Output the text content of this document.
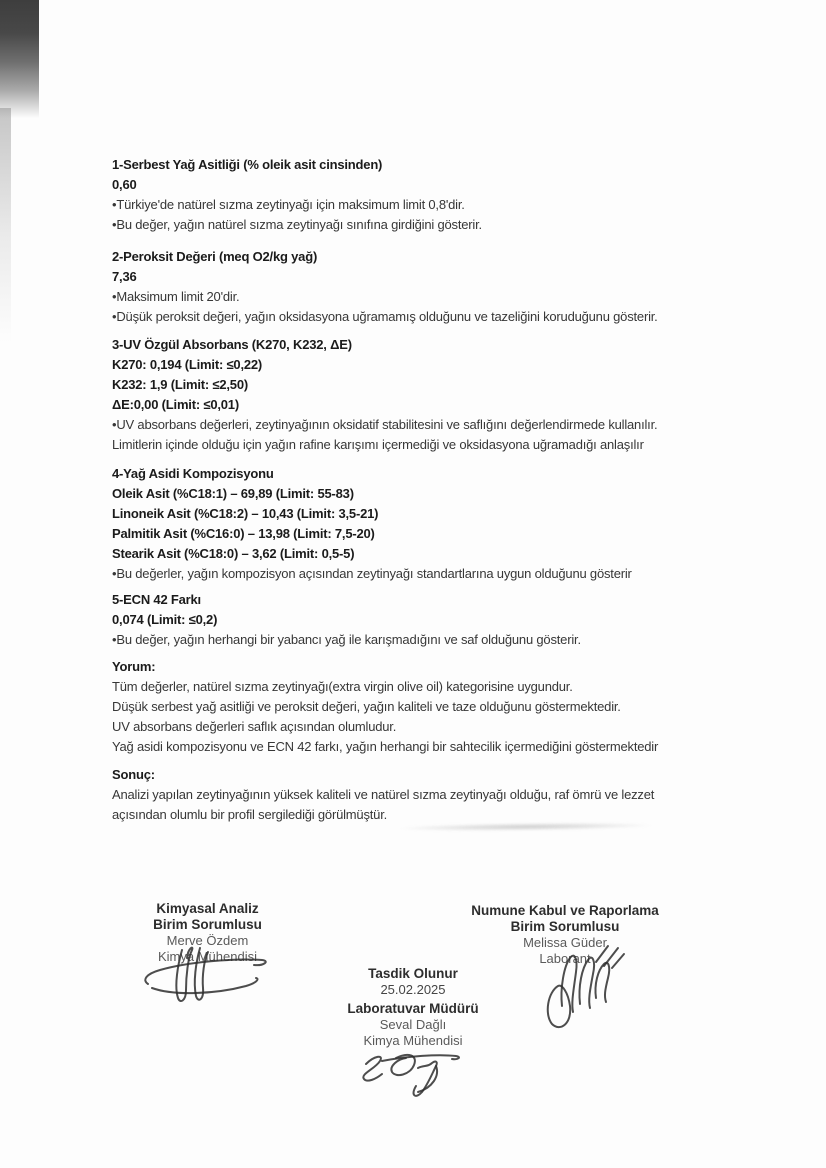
1-Serbest Yağ Asitliği (% oleik asit cinsinden)
0,60
•Türkiye'de natürel sızma zeytinyağı için maksimum limit 0,8'dir.
•Bu değer, yağın natürel sızma zeytinyağı sınıfına girdiğini gösterir.
2-Peroksit Değeri (meq O2/kg yağ)
7,36
•Maksimum limit 20'dir.
•Düşük peroksit değeri, yağın oksidasyona uğramamış olduğunu ve tazeliğini koruduğunu gösterir.
3-UV Özgül Absorbans (K270, K232, ΔE)
K270: 0,194 (Limit: ≤0,22)
K232: 1,9 (Limit: ≤2,50)
ΔE:0,00 (Limit: ≤0,01)
•UV absorbans değerleri, zeytinyağının oksidatif stabilitesini ve saflığını değerlendirmede kullanılır.
Limitlerin içinde olduğu için yağın rafine karışımı içermediği ve oksidasyona uğramadığı anlaşılır
4-Yağ Asidi Kompozisyonu
Oleik Asit (%C18:1) – 69,89 (Limit: 55-83)
Linoneik Asit (%C18:2) – 10,43 (Limit: 3,5-21)
Palmitik Asit (%C16:0) – 13,98 (Limit: 7,5-20)
Stearik Asit (%C18:0) – 3,62 (Limit: 0,5-5)
•Bu değerler, yağın kompozisyon açısından zeytinyağı standartlarına uygun olduğunu gösterir
5-ECN 42 Farkı
0,074 (Limit: ≤0,2)
•Bu değer, yağın herhangi bir yabancı yağ ile karışmadığını ve saf olduğunu gösterir.
Yorum:
Tüm değerler, natürel sızma zeytinyağı(extra virgin olive oil) kategorisine uygundur.
Düşük serbest yağ asitliği ve peroksit değeri, yağın kaliteli ve taze olduğunu göstermektedir.
UV absorbans değerleri saflık açısından olumludur.
Yağ asidi kompozisyonu ve ECN 42 farkı, yağın herhangi bir sahtecilik içermediğini göstermektedir
Sonuç:
Analizi yapılan zeytinyağının yüksek kaliteli ve natürel sızma zeytinyağı olduğu, raf ömrü ve lezzet
açısından olumlu bir profil sergilediği görülmüştür.
Kimyasal Analiz
Birim Sorumlusu
Merve Özdem
Kimya Mühendisi
Tasdik Olunur
25.02.2025
Laboratuvar Müdürü
Seval Dağlı
Kimya Mühendisi
Numune Kabul ve Raporlama
Birim Sorumlusu
Melissa Güder
Laborant
